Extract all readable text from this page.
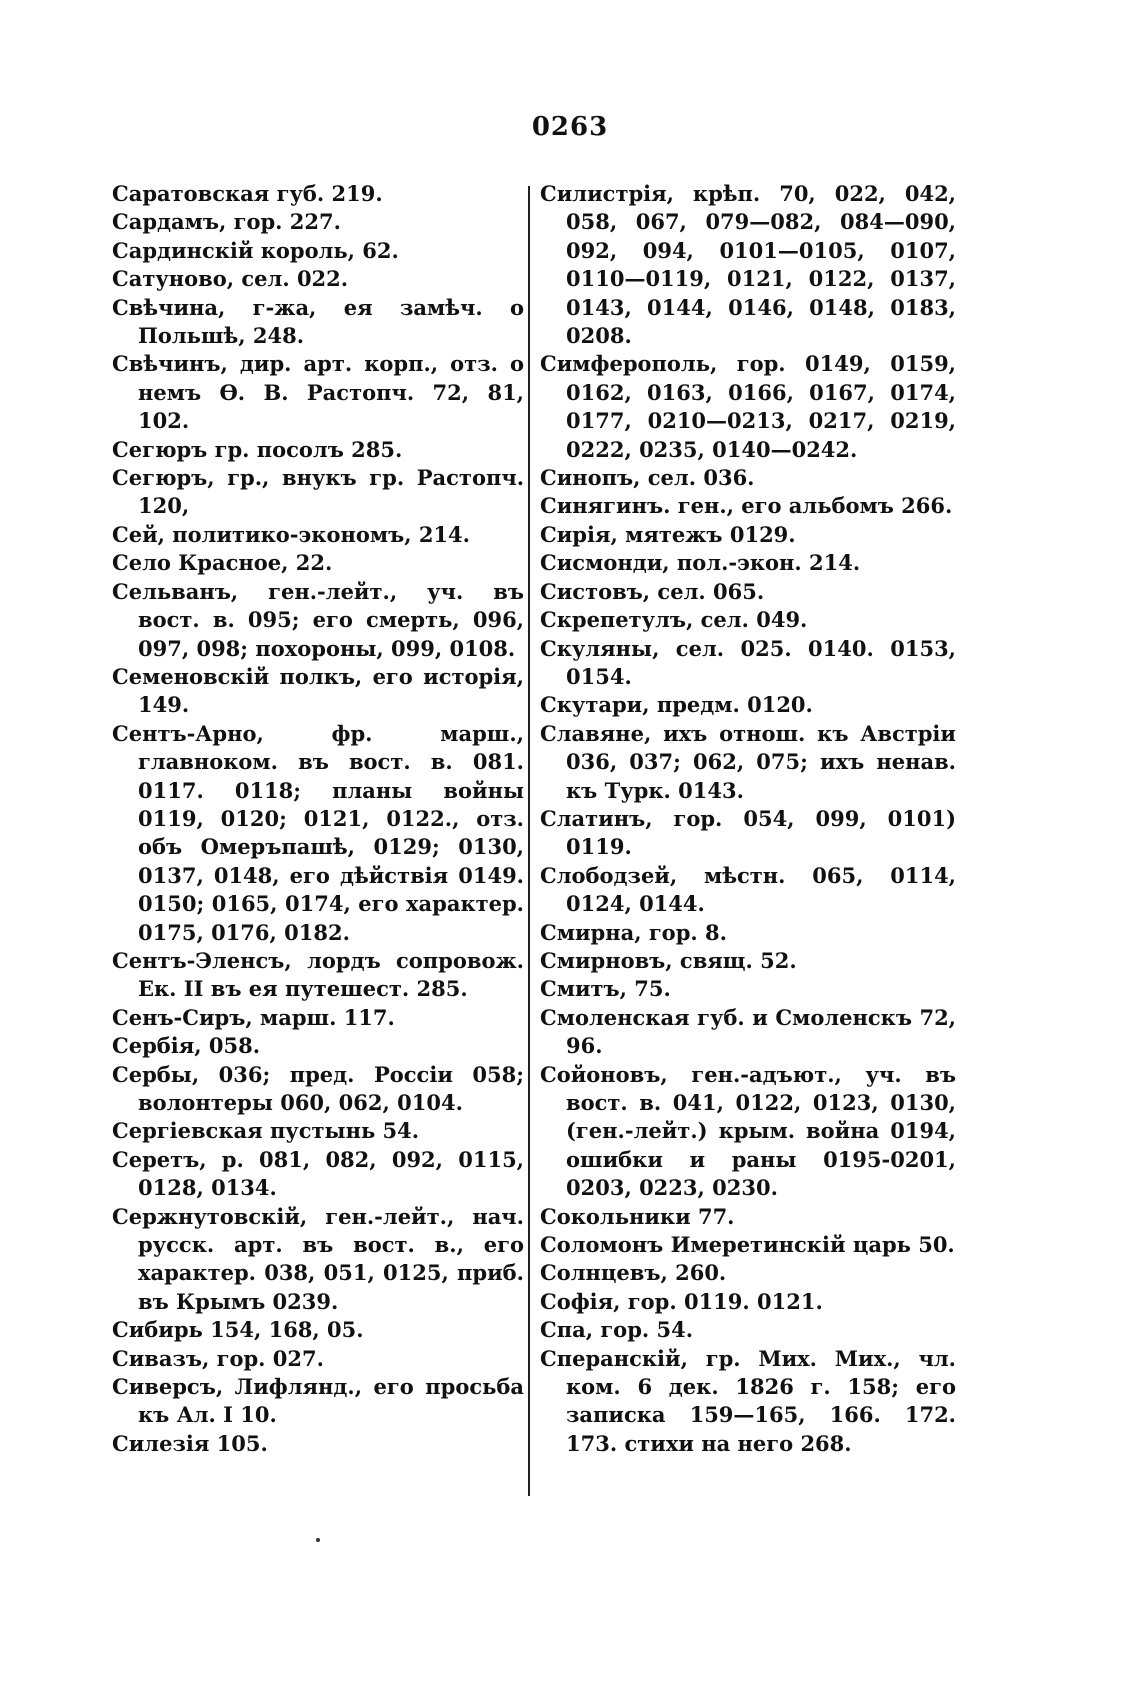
0263

Саратовская губ. 219.

Сардамъ, гор. 227.

Сардинскій король, 62.

Сатуново, сел. 022.

Свѣчина, г-жа, ея замѣч. о Польшѣ, 248.

Свѣчинъ, дир. арт. корп., отз. о немъ Ѳ. В. Растопч. 72, 81, 102.

Сегюръ гр. посолъ 285.

Сегюръ, гр., внукъ гр. Растопч. 120,

Сей, политико-экономъ, 214.

Село Красное, 22.

Сельванъ, ген.-лейт., уч. въ вост. в. 095; его смерть, 096, 097, 098; похороны, 099, 0108.

Семеновскій полкъ, его исторія, 149.

Сентъ-Арно, фр. марш., главноком. въ вост. в. 081. 0117. 0118; планы войны 0119, 0120; 0121, 0122., отз. объ Омеръпашѣ, 0129; 0130, 0137, 0148, его дѣйствія 0149. 0150; 0165, 0174, его характер. 0175, 0176, 0182.

Сентъ-Эленсъ, лордъ сопровож. Ек. II въ ея путешест. 285.

Сенъ-Сиръ, марш. 117.

Сербія, 058.

Сербы, 036; пред. Россіи 058; волонтеры 060, 062, 0104.

Сергіевская пустынь 54.

Серетъ, р. 081, 082, 092, 0115, 0128, 0134.

Сержнутовскій, ген.-лейт., нач. русск. арт. въ вост. в., его характер. 038, 051, 0125, приб. въ Крымъ 0239.

Сибирь 154, 168, 05.

Сивазъ, гор. 027.

Сиверсъ, Лифлянд., его просьба къ Ал. I 10.

Силезія 105.

Силистрія, крѣп. 70, 022, 042, 058, 067, 079—082, 084—090, 092, 094, 0101—0105, 0107, 0110—0119, 0121, 0122, 0137, 0143, 0144, 0146, 0148, 0183, 0208.

Симферополь, гор. 0149, 0159, 0162, 0163, 0166, 0167, 0174, 0177, 0210—0213, 0217, 0219, 0222, 0235, 0140—0242.

Синопъ, сел. 036.

Синягинъ. ген., его альбомъ 266.

Сирія, мятежъ 0129.

Сисмонди, пол.-экон. 214.

Систовъ, сел. 065.

Скрепетулъ, сел. 049.

Скуляны, сел. 025. 0140. 0153, 0154.

Скутари, предм. 0120.

Славяне, ихъ отнош. къ Австріи 036, 037; 062, 075; ихъ ненав. къ Турк. 0143.

Слатинъ, гор. 054, 099, 0101) 0119.

Слободзей, мѣстн. 065, 0114, 0124, 0144.

Смирна, гор. 8.

Смирновъ, свящ. 52.

Смитъ, 75.

Смоленская губ. и Смоленскъ 72, 96.

Сойоновъ, ген.-адъют., уч. въ вост. в. 041, 0122, 0123, 0130, (ген.-лейт.) крым. война 0194, ошибки и раны 0195-0201, 0203, 0223, 0230.

Сокольники 77.

Соломонъ Имеретинскій царь 50.

Солнцевъ, 260.

Софія, гор. 0119. 0121.

Спа, гор. 54.

Сперанскій, гр. Мих. Мих., чл. ком. 6 дек. 1826 г. 158; его записка 159—165, 166. 172. 173. стихи на него 268.
